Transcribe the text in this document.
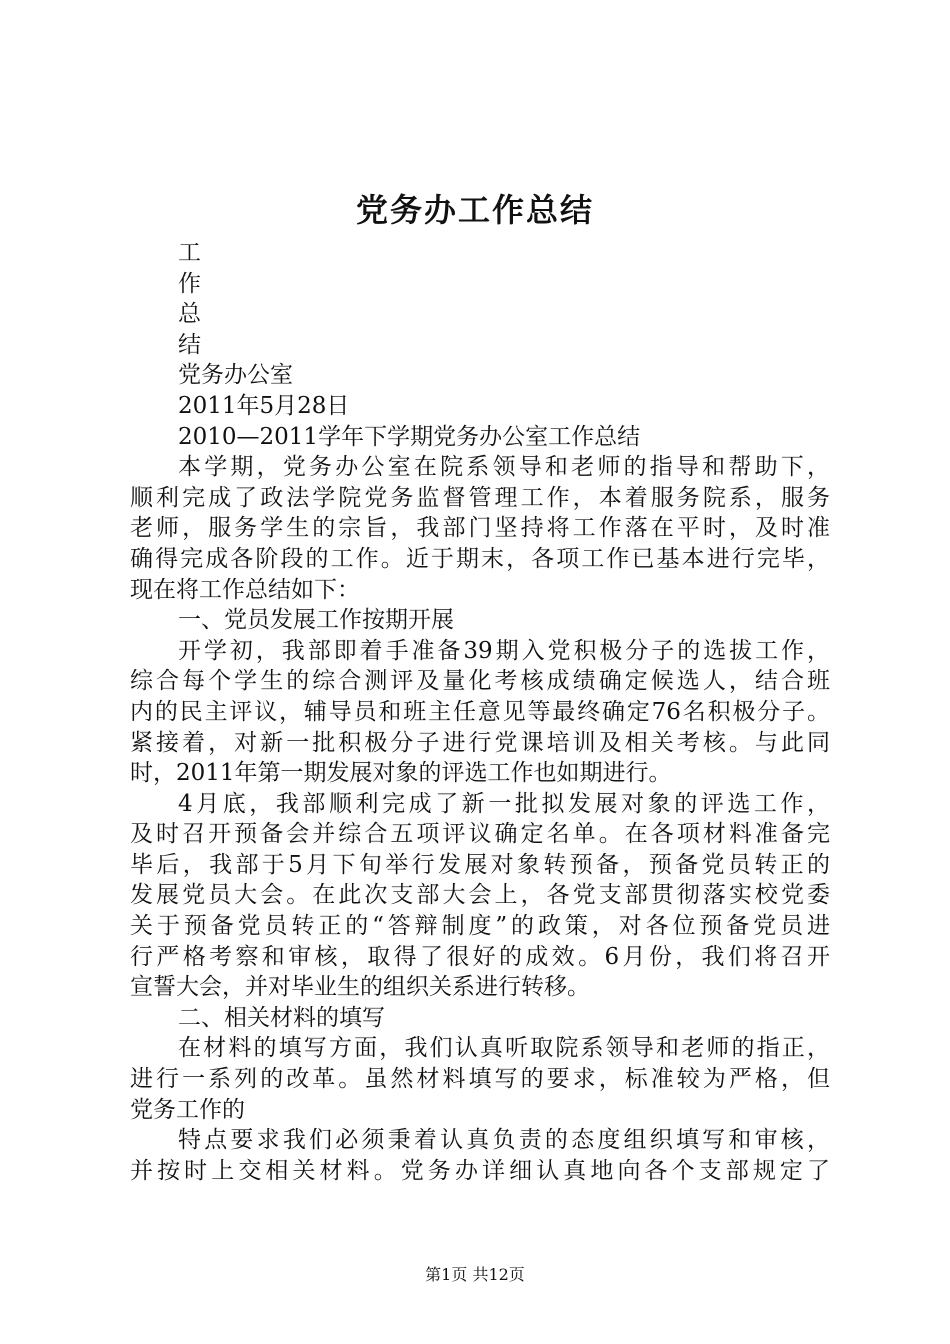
党务办工作总结
工
作
总
结
党务办公室
2011年5月28日
2010—2011学年下学期党务办公室工作总结
本学期，党务办公室在院系领导和老师的指导和帮助下，
顺利完成了政法学院党务监督管理工作，本着服务院系，服务
老师，服务学生的宗旨，我部门坚持将工作落在平时，及时准
确得完成各阶段的工作。近于期末，各项工作已基本进行完毕，
现在将工作总结如下：
一、党员发展工作按期开展
开学初，我部即着手准备39期入党积极分子的选拔工作，
综合每个学生的综合测评及量化考核成绩确定候选人，结合班
内的民主评议，辅导员和班主任意见等最终确定76名积极分子。
紧接着，对新一批积极分子进行党课培训及相关考核。与此同
时，2011年第一期发展对象的评选工作也如期进行。
4月底，我部顺利完成了新一批拟发展对象的评选工作，
及时召开预备会并综合五项评议确定名单。在各项材料准备完
毕后，我部于5月下旬举行发展对象转预备，预备党员转正的
发展党员大会。在此次支部大会上，各党支部贯彻落实校党委
关于预备党员转正的“答辩制度”的政策，对各位预备党员进
行严格考察和审核，取得了很好的成效。6月份，我们将召开
宣誓大会，并对毕业生的组织关系进行转移。
二、相关材料的填写
在材料的填写方面，我们认真听取院系领导和老师的指正，
进行一系列的改革。虽然材料填写的要求，标准较为严格，但
党务工作的
特点要求我们必须秉着认真负责的态度组织填写和审核，
并按时上交相关材料。党务办详细认真地向各个支部规定了
第1页 共12页
